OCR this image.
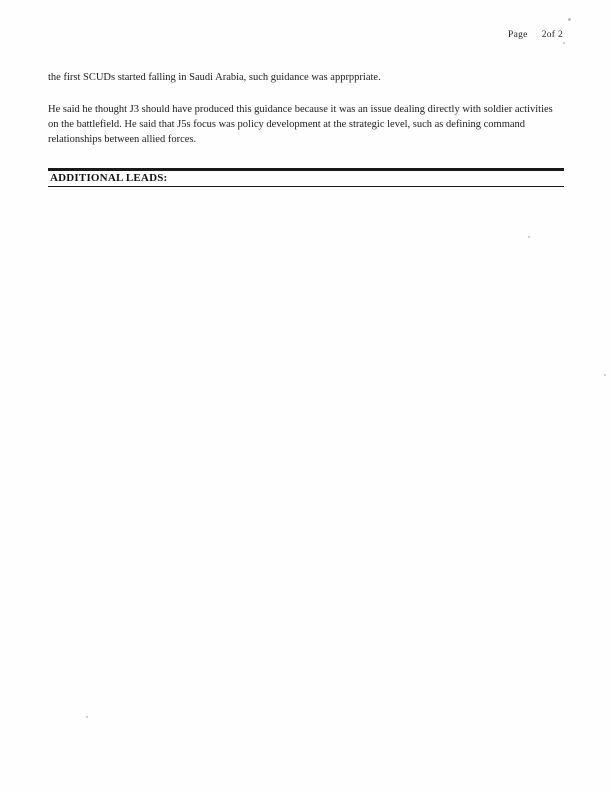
Page 2of 2
the first SCUDs started falling in Saudi Arabia, such guidance was apprppriate.
He said he thought J3 should have produced this guidance because it was an issue dealing directly with soldier activities on the battlefield. He said that J5s focus was policy development at the strategic level, such as defining command relationships between allied forces.
ADDITIONAL LEADS:
